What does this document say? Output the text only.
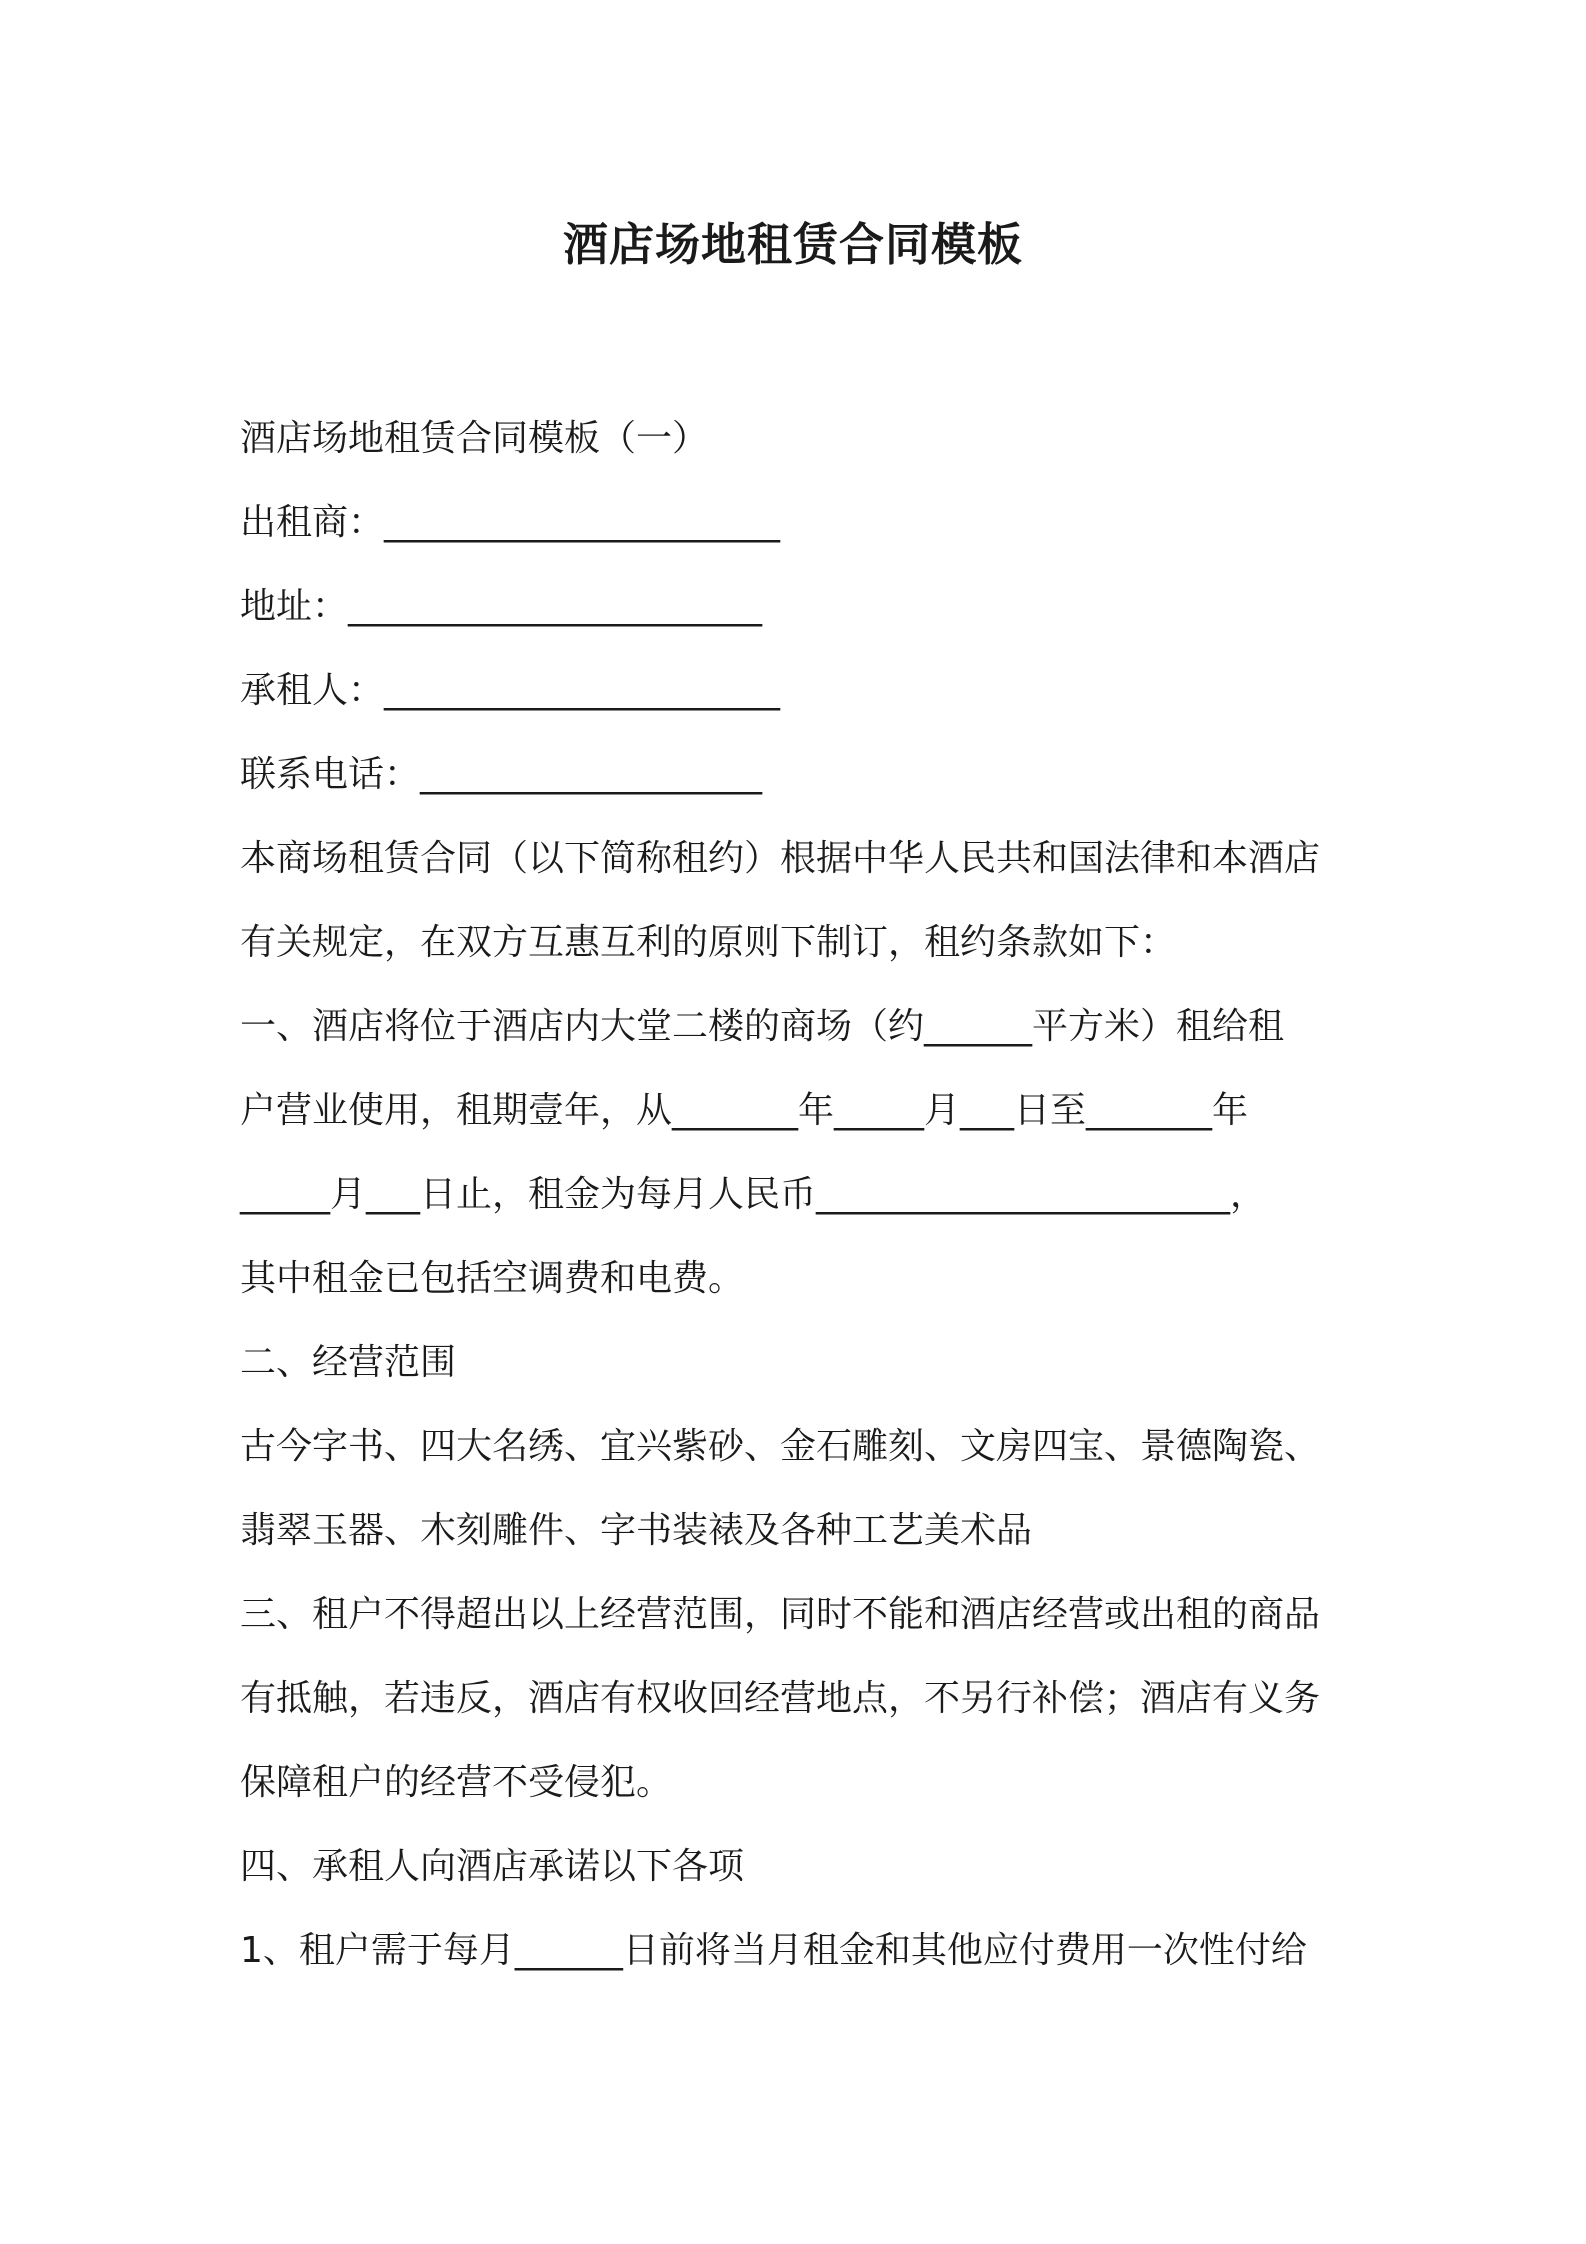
酒店场地租赁合同模板

酒店场地租赁合同模板（一）

出租商：______________________

地址：_______________________

承租人：______________________

联系电话：___________________

本商场租赁合同（以下简称租约）根据中华人民共和国法律和本酒店

有关规定，在双方互惠互利的原则下制订，租约条款如下：

一、酒店将位于酒店内大堂二楼的商场（约______平方米）租给租

户营业使用，租期壹年，从_______年_____月___日至_______年

_____月___日止，租金为每月人民币_______________________，

其中租金已包括空调费和电费。

二、经营范围

古今字书、四大名绣、宜兴紫砂、金石雕刻、文房四宝、景德陶瓷、

翡翠玉器、木刻雕件、字书装裱及各种工艺美术品

三、租户不得超出以上经营范围，同时不能和酒店经营或出租的商品

有抵触，若违反，酒店有权收回经营地点，不另行补偿；酒店有义务

保障租户的经营不受侵犯。

四、承租人向酒店承诺以下各项

1、租户需于每月______日前将当月租金和其他应付费用一次性付给
